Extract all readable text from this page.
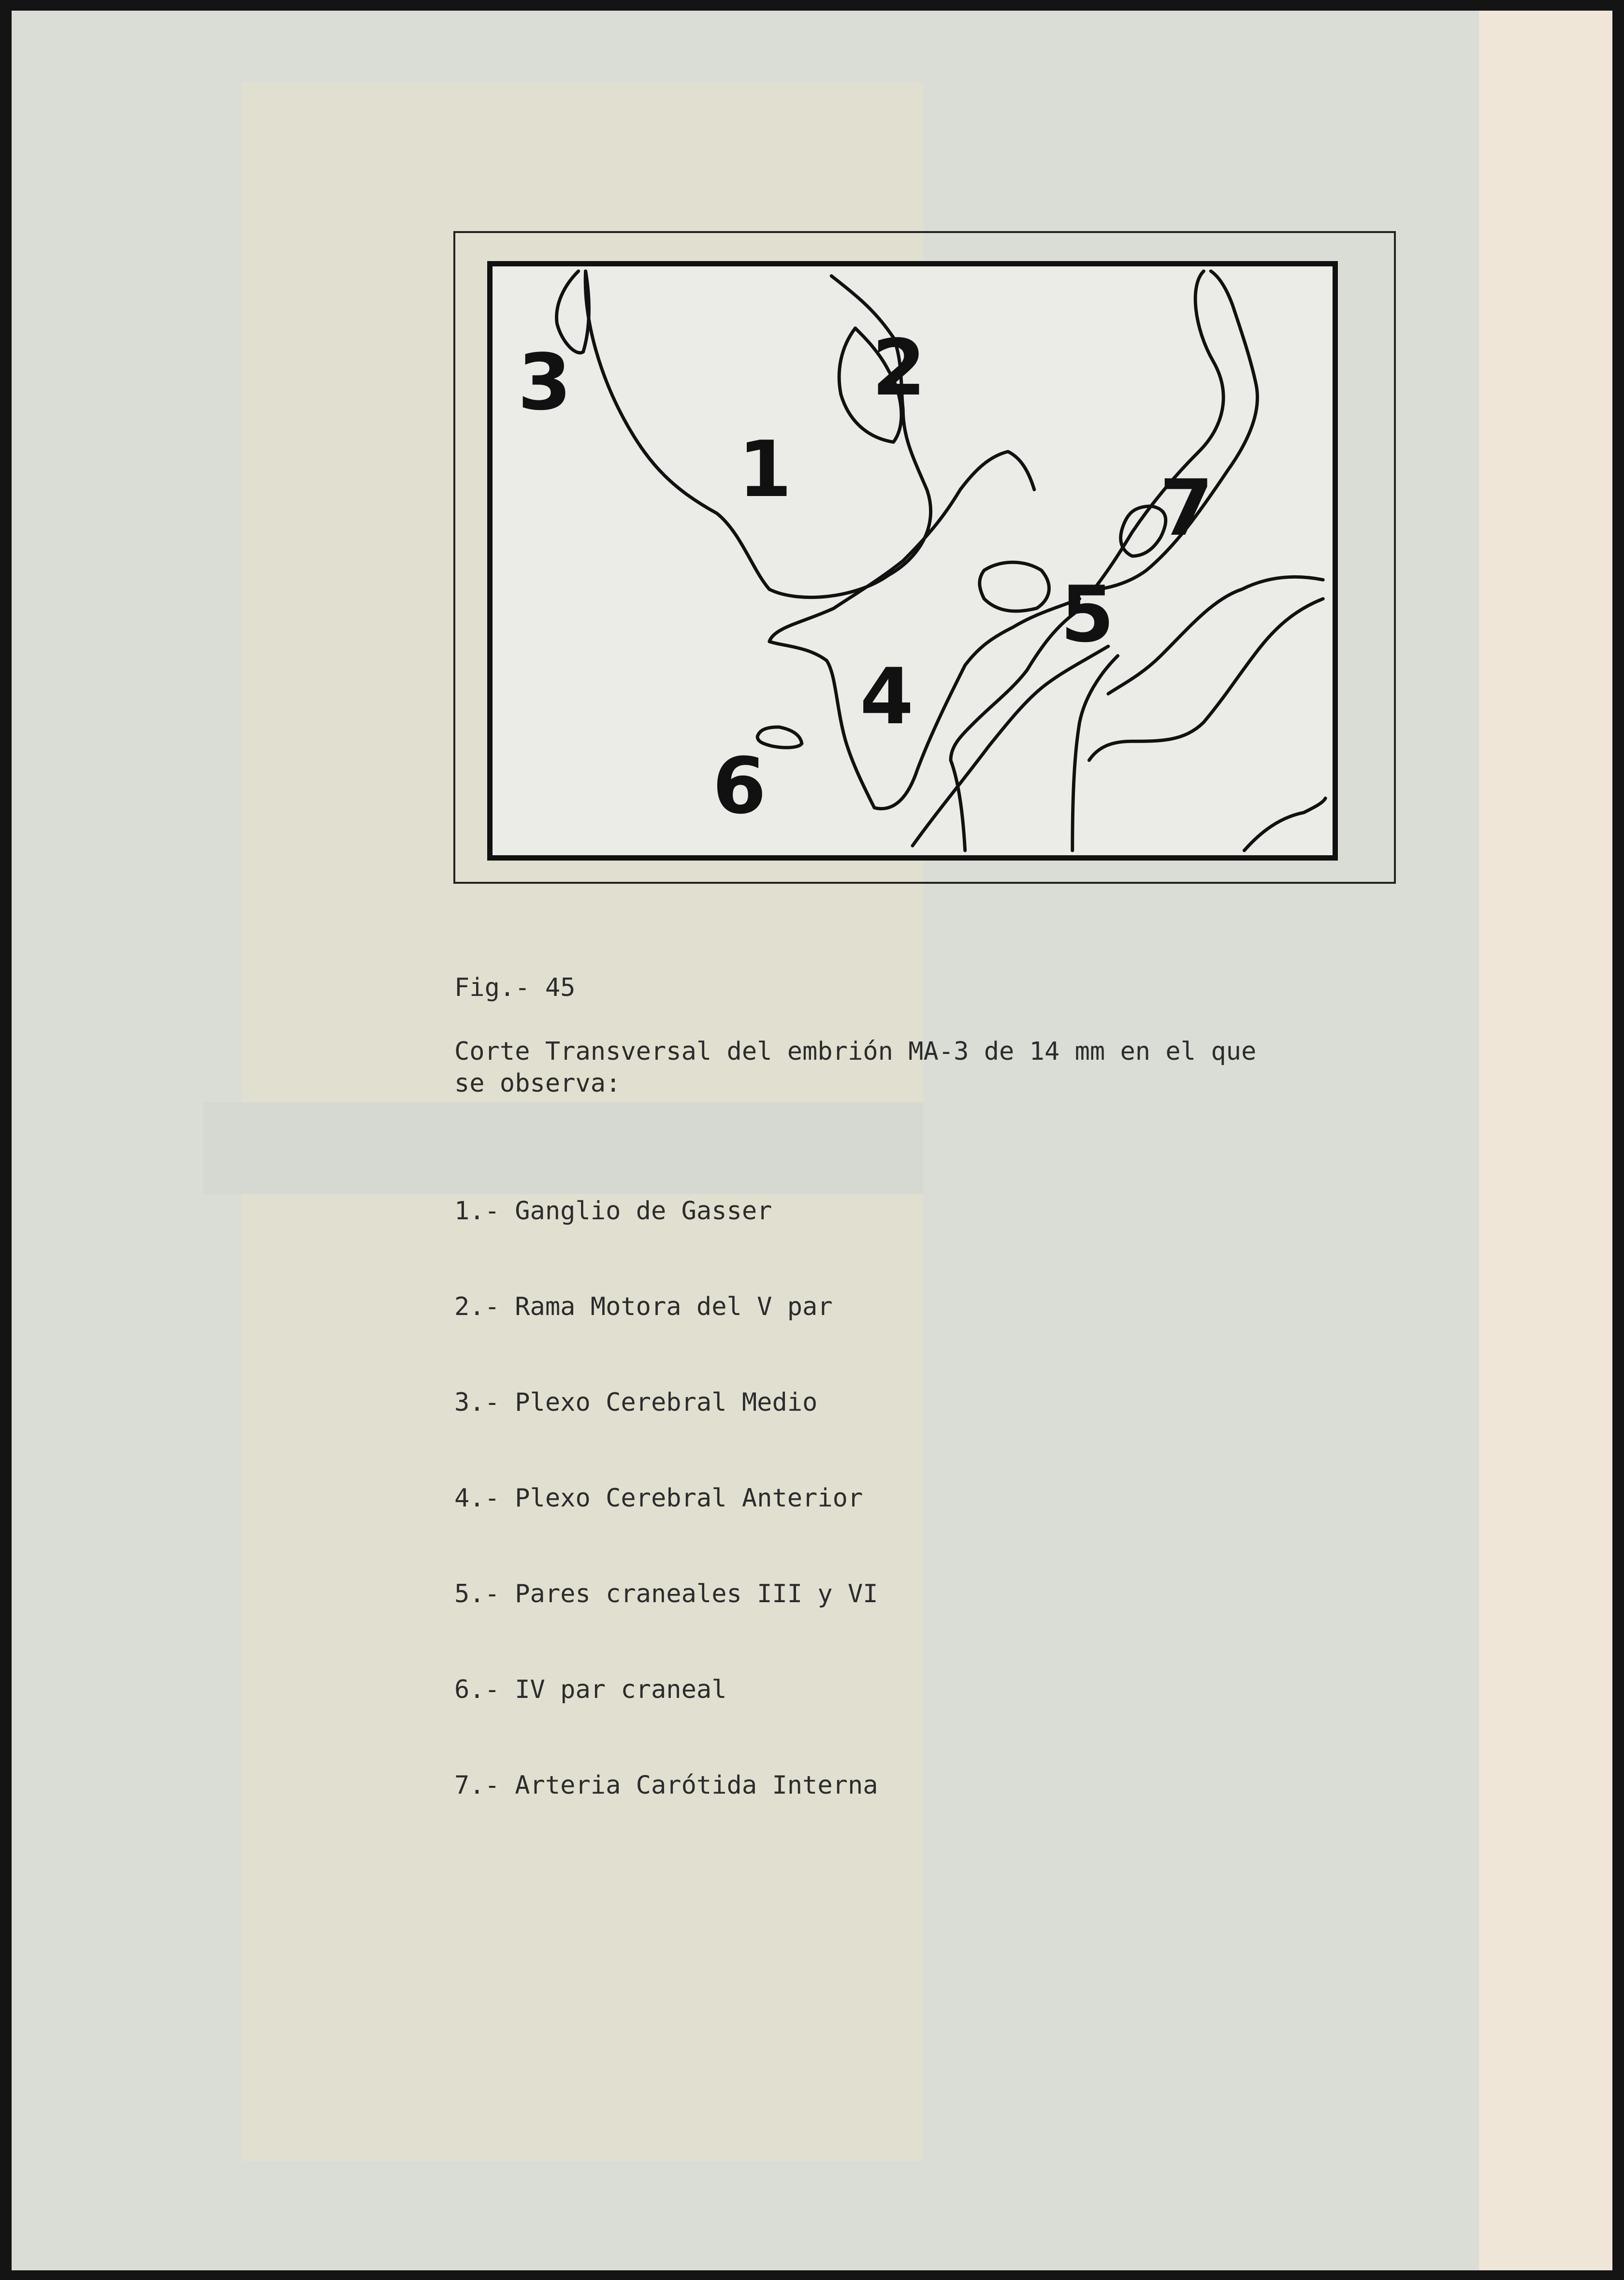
1
2
3
4
5
6
7
Fig.- 45
Corte Transversal del embrión MA-3 de 14 mm en el que
se observa:

1.- Ganglio de Gasser

2.- Rama Motora del V par

3.- Plexo Cerebral Medio

4.- Plexo Cerebral Anterior

5.- Pares craneales III y VI

6.- IV par craneal

7.- Arteria Carótida Interna
